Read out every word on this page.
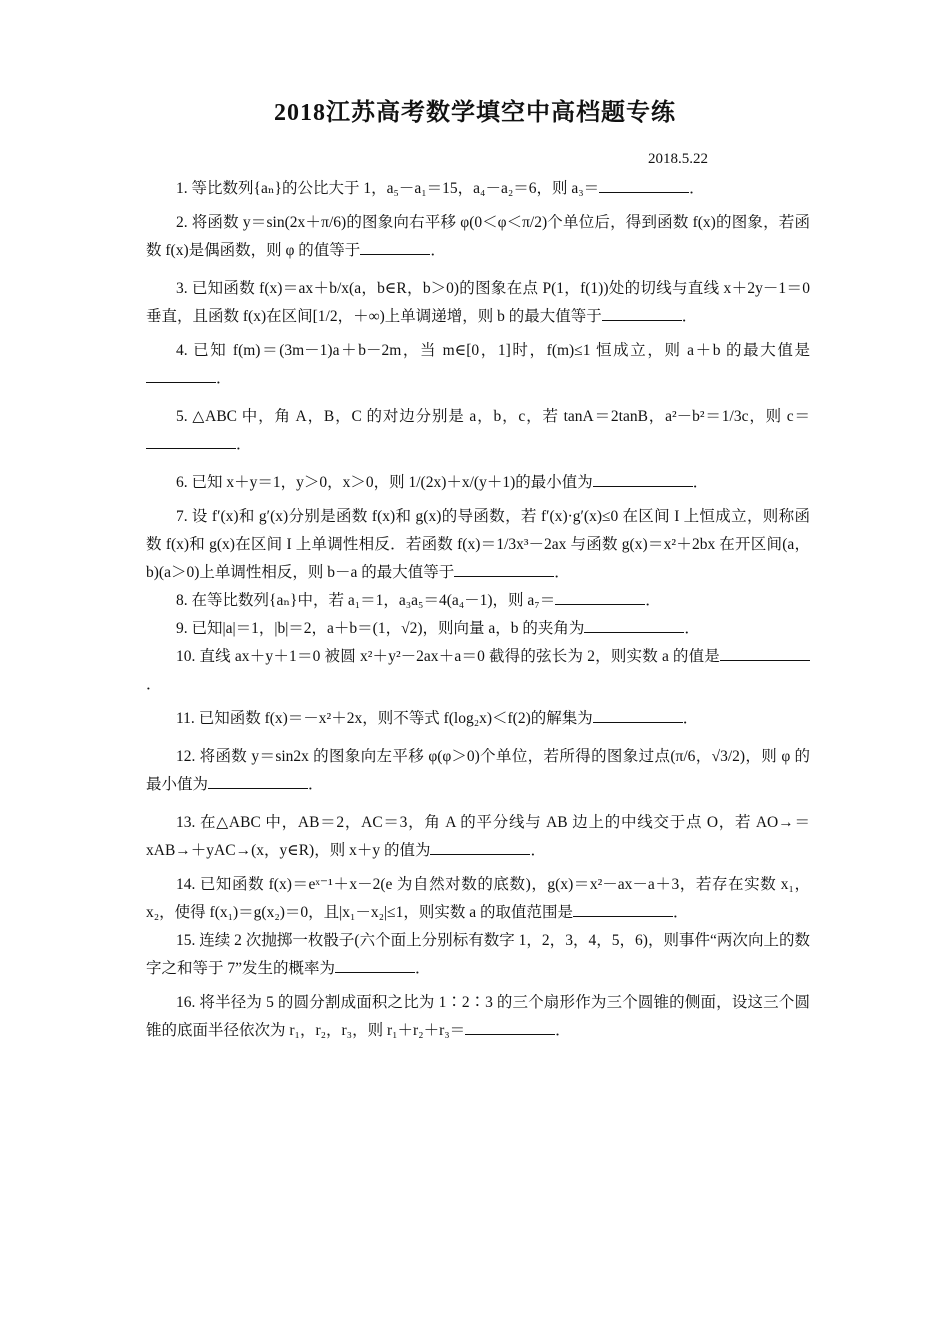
2018江苏高考数学填空中高档题专练
2018.5.22

1. 等比数列{aₙ}的公比大于 1，a₅－a₁＝15，a₄－a₂＝6，则 a₃＝	．

2. 将函数 y＝sin(2x＋π/6)的图象向右平移 φ(0＜φ＜π/2)个单位后，得到函数 f(x)的图象，若函数 f(x)是偶函数，则 φ 的值等于	．

3. 已知函数 f(x)＝ax＋b/x(a，b∈R，b＞0)的图象在点 P(1，f(1))处的切线与直线 x＋2y－1＝0 垂直，且函数 f(x)在区间[1/2，＋∞)上单调递增，则 b 的最大值等于	．

4. 已知 f(m)＝(3m－1)a＋b－2m，当 m∈[0，1]时，f(m)≤1 恒成立，则 a＋b 的最大值是．

5. △ABC 中，角 A，B，C 的对边分别是 a，b，c，若 tanA＝2tanB，a²－b²＝1/3c，则 c＝．

6. 已知 x＋y＝1，y＞0，x＞0，则 1/(2x)＋x/(y＋1)的最小值为	．

7. 设 f′(x)和 g′(x)分别是函数 f(x)和 g(x)的导函数，若 f′(x)·g′(x)≤0 在区间 I 上恒成立，则称函数 f(x)和 g(x)在区间 I 上单调性相反．若函数 f(x)＝1/3x³－2ax 与函数 g(x)＝x²＋2bx 在开区间(a，b)(a＞0)上单调性相反，则 b－a 的最大值等于	．

8. 在等比数列{aₙ}中，若 a₁＝1，a₃a₅＝4(a₄－1)，则 a₇＝	．

9. 已知|a|＝1，|b|＝2，a＋b＝(1，√2)，则向量 a，b 的夹角为	．

10. 直线 ax＋y＋1＝0 被圆 x²＋y²－2ax＋a＝0 截得的弦长为 2，则实数 a 的值是．

11. 已知函数 f(x)＝－x²＋2x，则不等式 f(log₂x)＜f(2)的解集为	．

12. 将函数 y＝sin2x 的图象向左平移 φ(φ＞0)个单位，若所得的图象过点(π/6，√3/2)，则 φ 的最小值为	．

13. 在△ABC 中，AB＝2，AC＝3，角 A 的平分线与 AB 边上的中线交于点 O，若 AO→＝xAB→＋yAC→(x，y∈R)，则 x＋y 的值为	．

14. 已知函数 f(x)＝eˣ⁻¹＋x－2(e 为自然对数的底数)，g(x)＝x²－ax－a＋3，若存在实数 x₁，x₂，使得 f(x₁)＝g(x₂)＝0，且|x₁－x₂|≤1，则实数 a 的取值范围是	．

15. 连续 2 次抛掷一枚骰子(六个面上分别标有数字 1，2，3，4，5，6)，则事件“两次向上的数字之和等于 7”发生的概率为	．

16. 将半径为 5 的圆分割成面积之比为 1∶2∶3 的三个扇形作为三个圆锥的侧面，设这三个圆锥的底面半径依次为 r₁，r₂，r₃，则 r₁＋r₂＋r₃＝	．
